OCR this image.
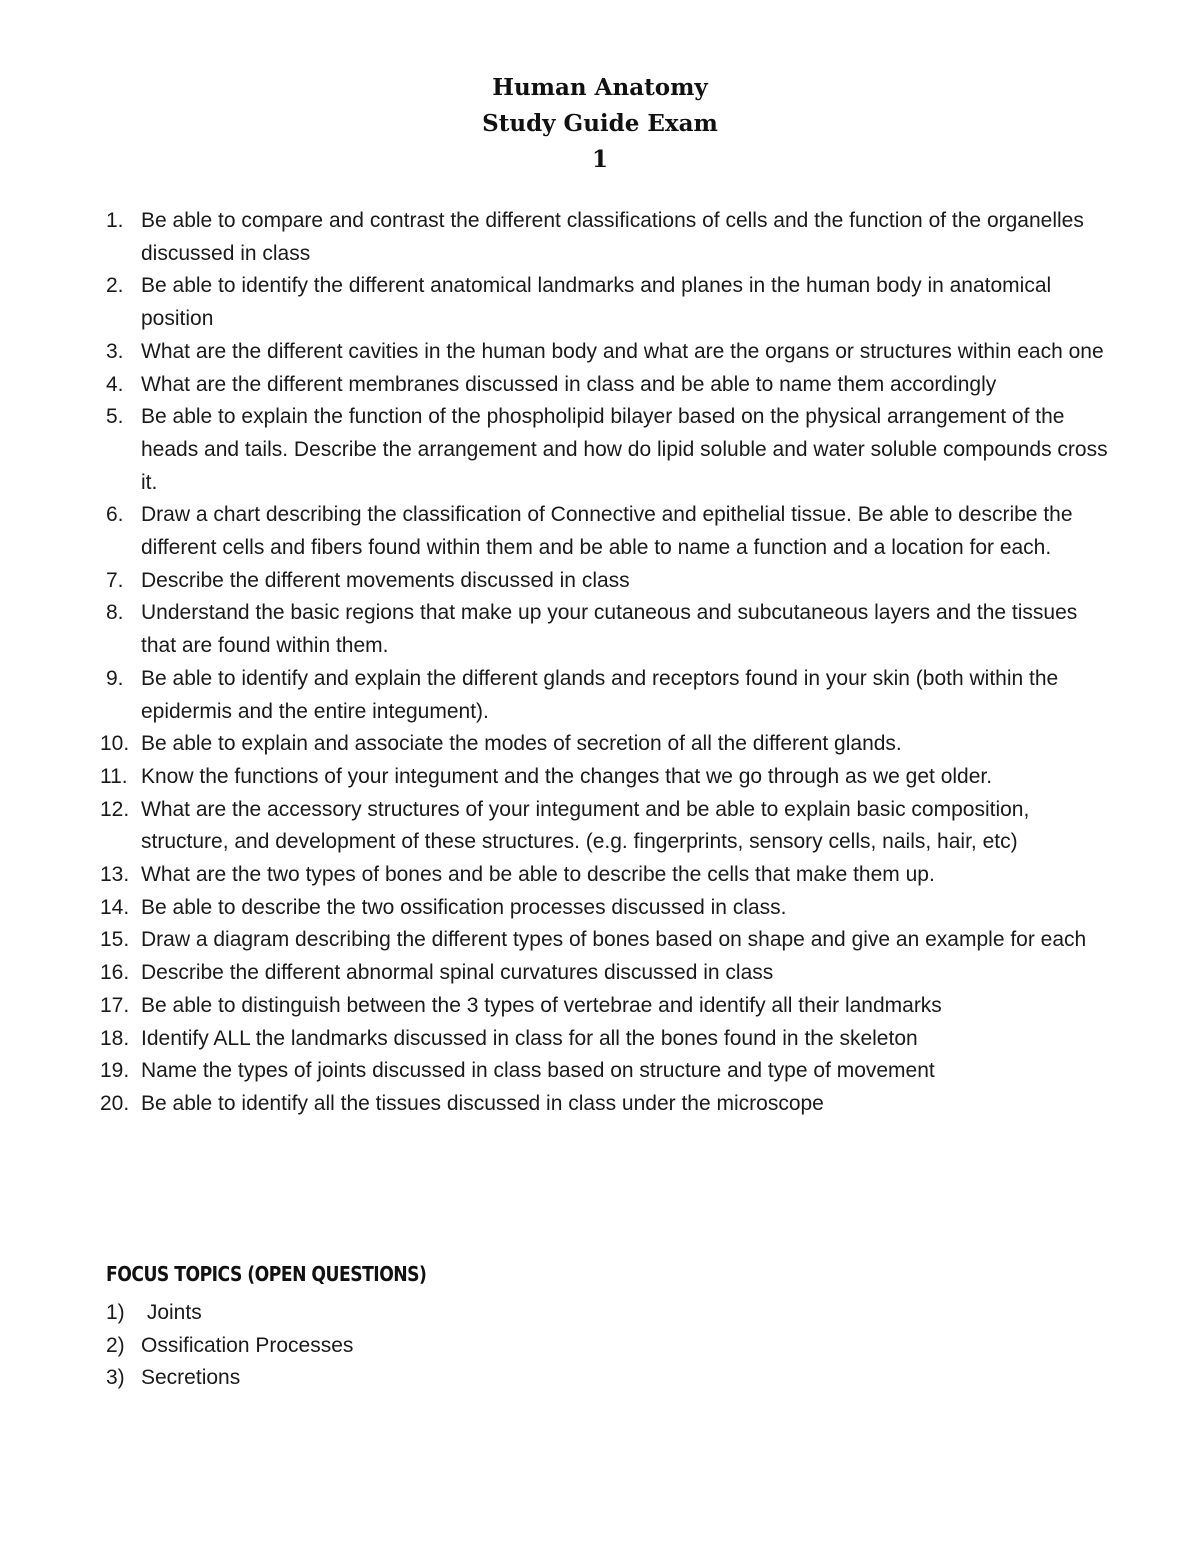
Human Anatomy
Study Guide Exam
1
1. Be able to compare and contrast the different classifications of cells and the function of the organelles discussed in class
2. Be able to identify the different anatomical landmarks and planes in the human body in anatomical position
3. What are the different cavities in the human body and what are the organs or structures within each one
4. What are the different membranes discussed in class and be able to name them accordingly
5. Be able to explain the function of the phospholipid bilayer based on the physical arrangement of the heads and tails. Describe the arrangement and how do lipid soluble and water soluble compounds cross it.
6. Draw a chart describing the classification of Connective and epithelial tissue. Be able to describe the different cells and fibers found within them and be able to name a function and a location for each.
7. Describe the different movements discussed in class
8. Understand the basic regions that make up your cutaneous and subcutaneous layers and the tissues that are found within them.
9. Be able to identify and explain the different glands and receptors found in your skin (both within the epidermis and the entire integument).
10. Be able to explain and associate the modes of secretion of all the different glands.
11. Know the functions of your integument and the changes that we go through as we get older.
12. What are the accessory structures of your integument and be able to explain basic composition, structure, and development of these structures. (e.g. fingerprints, sensory cells, nails, hair, etc)
13. What are the two types of bones and be able to describe the cells that make them up.
14. Be able to describe the two ossification processes discussed in class.
15. Draw a diagram describing the different types of bones based on shape and give an example for each
16. Describe the different abnormal spinal curvatures discussed in class
17. Be able to distinguish between the 3 types of vertebrae and identify all their landmarks
18. Identify ALL the landmarks discussed in class for all the bones found in the skeleton
19. Name the types of joints discussed in class based on structure and type of movement
20. Be able to identify all the tissues discussed in class under the microscope
FOCUS TOPICS (OPEN QUESTIONS)
1) Joints
2) Ossification Processes
3) Secretions
